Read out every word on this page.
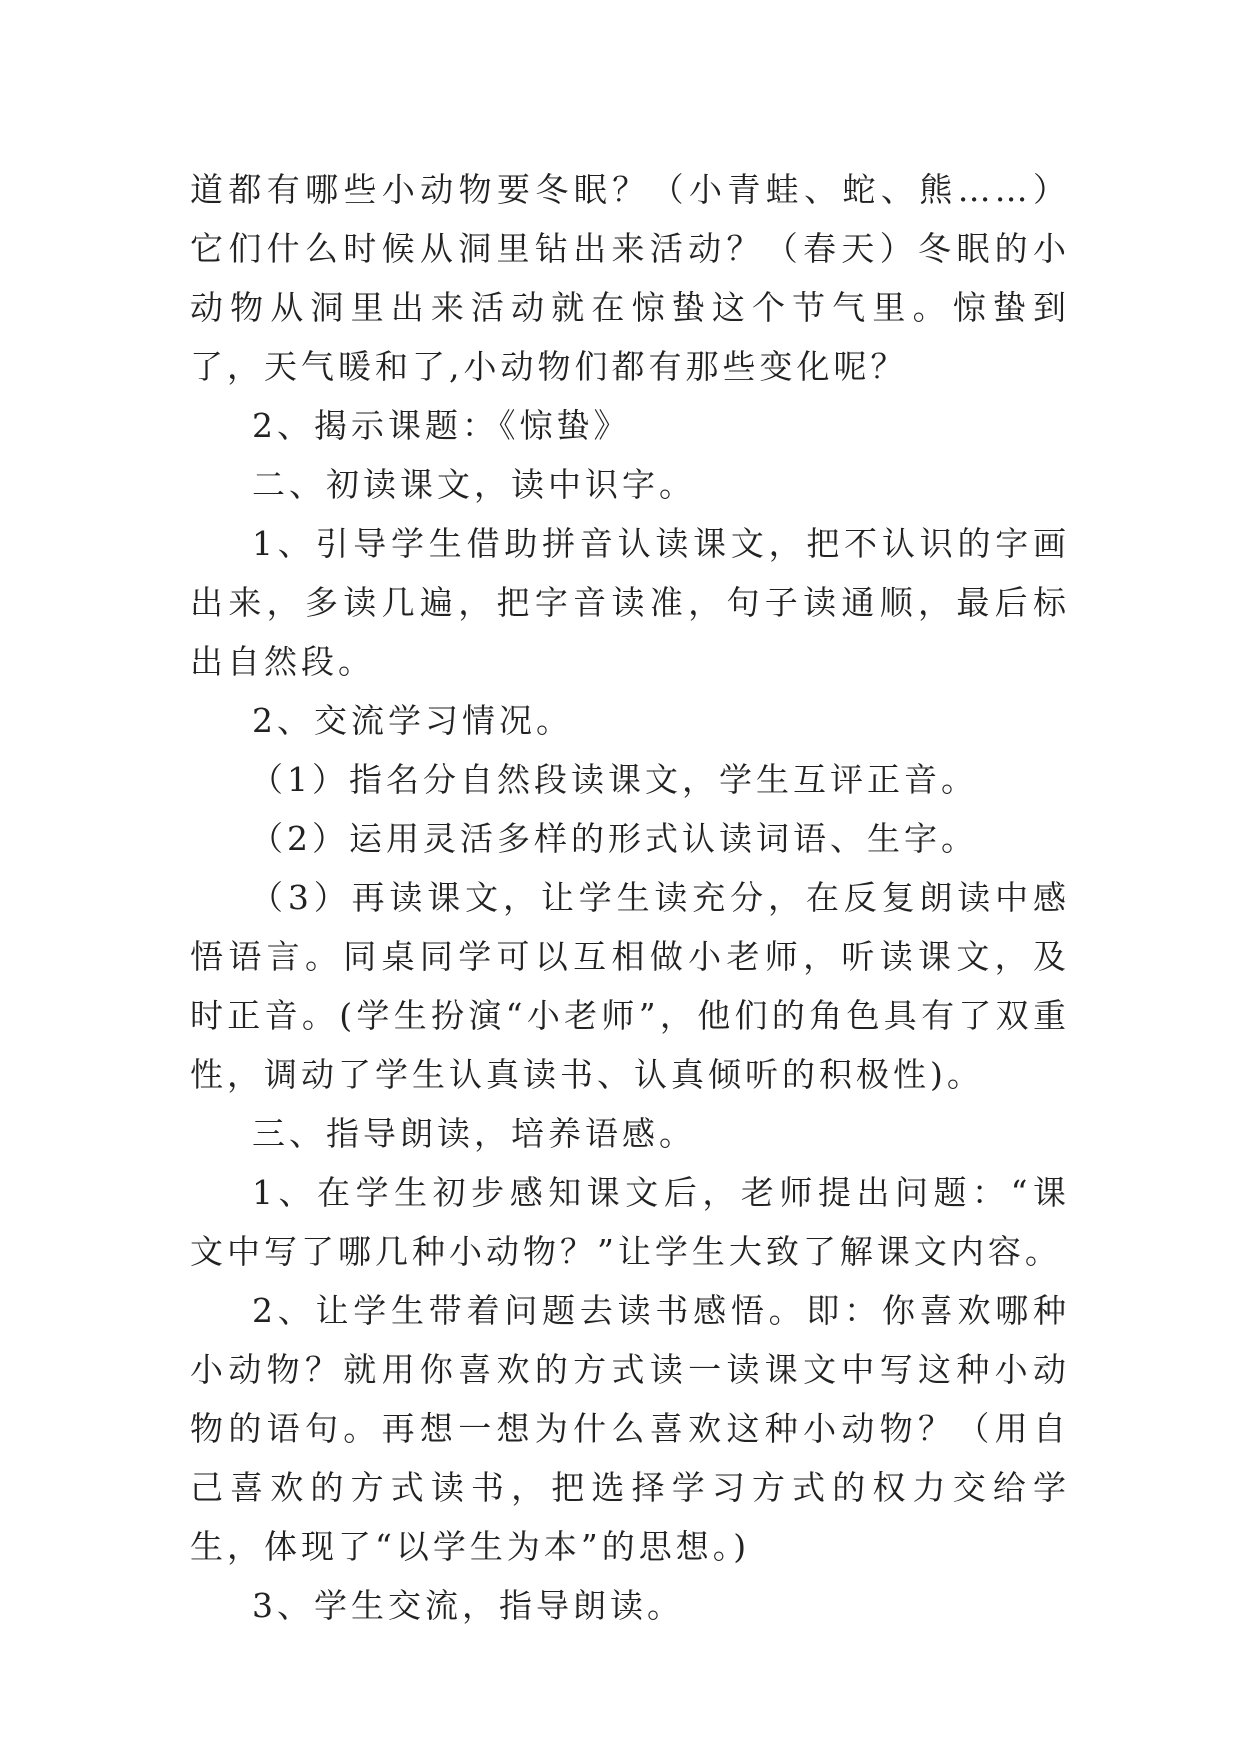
道都有哪些小动物要冬眠？（小青蛙、蛇、熊……）它们什么时候从洞里钻出来活动？（春天）冬眠的小动物从洞里出来活动就在惊蛰这个节气里。惊蛰到了，天气暖和了,小动物们都有那些变化呢？

2、揭示课题：《惊蛰》

二、初读课文，读中识字。

1、引导学生借助拼音认读课文，把不认识的字画出来，多读几遍，把字音读准，句子读通顺，最后标出自然段。

2、交流学习情况。

（1）指名分自然段读课文，学生互评正音。

（2）运用灵活多样的形式认读词语、生字。

（3）再读课文，让学生读充分，在反复朗读中感悟语言。同桌同学可以互相做小老师，听读课文，及时正音。(学生扮演“小老师”，他们的角色具有了双重性，调动了学生认真读书、认真倾听的积极性)。

三、指导朗读，培养语感。

1、在学生初步感知课文后，老师提出问题：“课文中写了哪几种小动物？”让学生大致了解课文内容。

2、让学生带着问题去读书感悟。即：你喜欢哪种小动物？就用你喜欢的方式读一读课文中写这种小动物的语句。再想一想为什么喜欢这种小动物？（用自己喜欢的方式读书，把选择学习方式的权力交给学生，体现了“以学生为本”的思想。)

3、学生交流，指导朗读。
